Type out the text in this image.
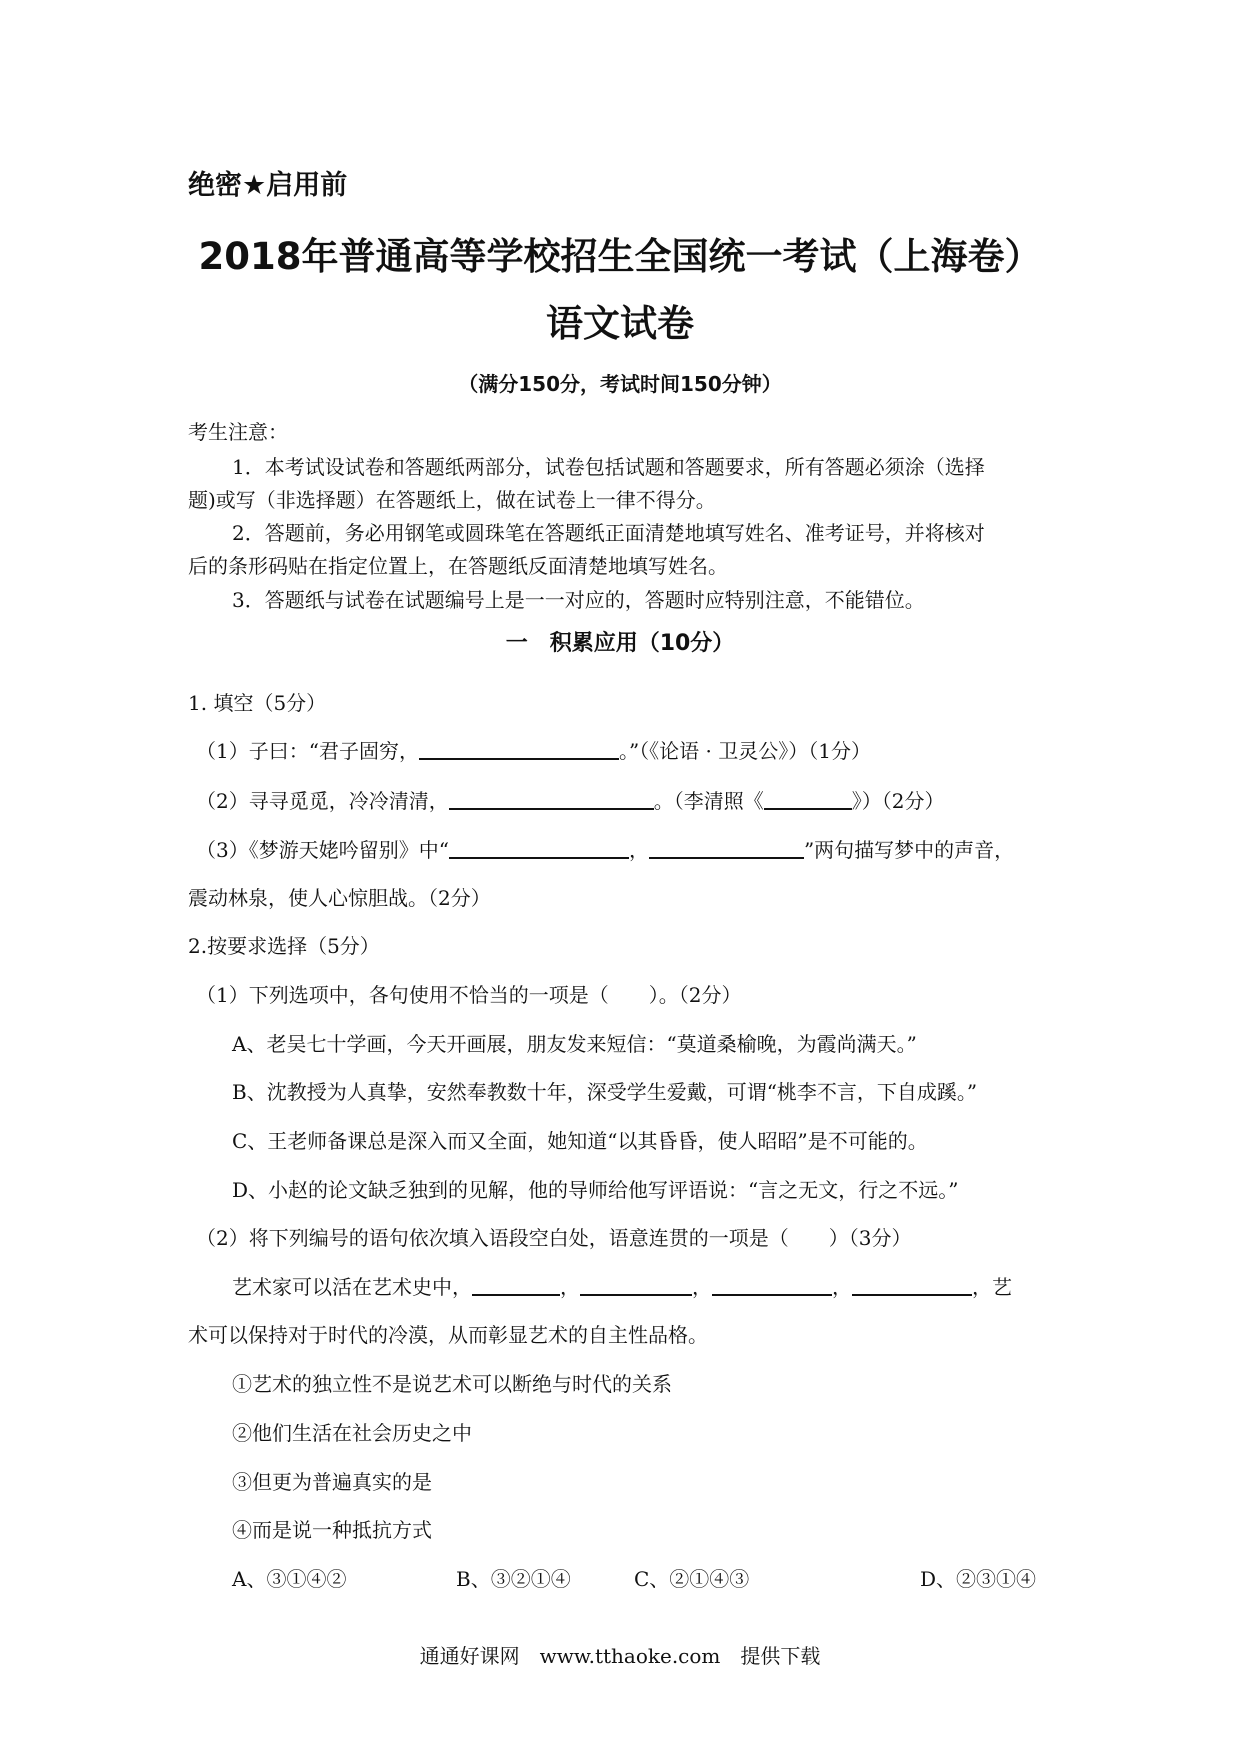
绝密★启用前
2018年普通高等学校招生全国统一考试（上海卷）
语文试卷
（满分150分，考试时间150分钟）
考生注意：
1．本考试设试卷和答题纸两部分，试卷包括试题和答题要求，所有答题必须涂（选择
题)或写（非选择题）在答题纸上，做在试卷上一律不得分。
2．答题前，务必用钢笔或圆珠笔在答题纸正面清楚地填写姓名、准考证号，并将核对
后的条形码贴在指定位置上，在答题纸反面清楚地填写姓名。
3．答题纸与试卷在试题编号上是一一对应的，答题时应特别注意，不能错位。
一　积累应用（10分）
1. 填空（5分）
（1）子曰：“君子固穷，	。”（《论语 · 卫灵公》）（1分）
（2）寻寻觅觅，冷冷清清，	。（李清照《	》）（2分）
（3）《梦游天姥吟留别》中“	，	”两句描写梦中的声音，
震动林泉，使人心惊胆战。（2分）
2.按要求选择（5分）
（1）下列选项中，各句使用不恰当的一项是（　　）。（2分）
A、老吴七十学画，今天开画展，朋友发来短信：“莫道桑榆晚，为霞尚满天。”
B、沈教授为人真挚，安然奉教数十年，深受学生爱戴，可谓“桃李不言，下自成蹊。”
C、王老师备课总是深入而又全面，她知道“以其昏昏，使人昭昭”是不可能的。
D、小赵的论文缺乏独到的见解，他的导师给他写评语说：“言之无文，行之不远。”
（2）将下列编号的语句依次填入语段空白处，语意连贯的一项是（　　）（3分）
艺术家可以活在艺术史中，	，	，	，	，艺
术可以保持对于时代的冷漠，从而彰显艺术的自主性品格。
①艺术的独立性不是说艺术可以断绝与时代的关系
②他们生活在社会历史之中
③但更为普遍真实的是
④而是说一种抵抗方式
A、③①④②	B、③②①④	C、②①④③	D、②③①④
通通好课网　www.tthaoke.com　提供下载
